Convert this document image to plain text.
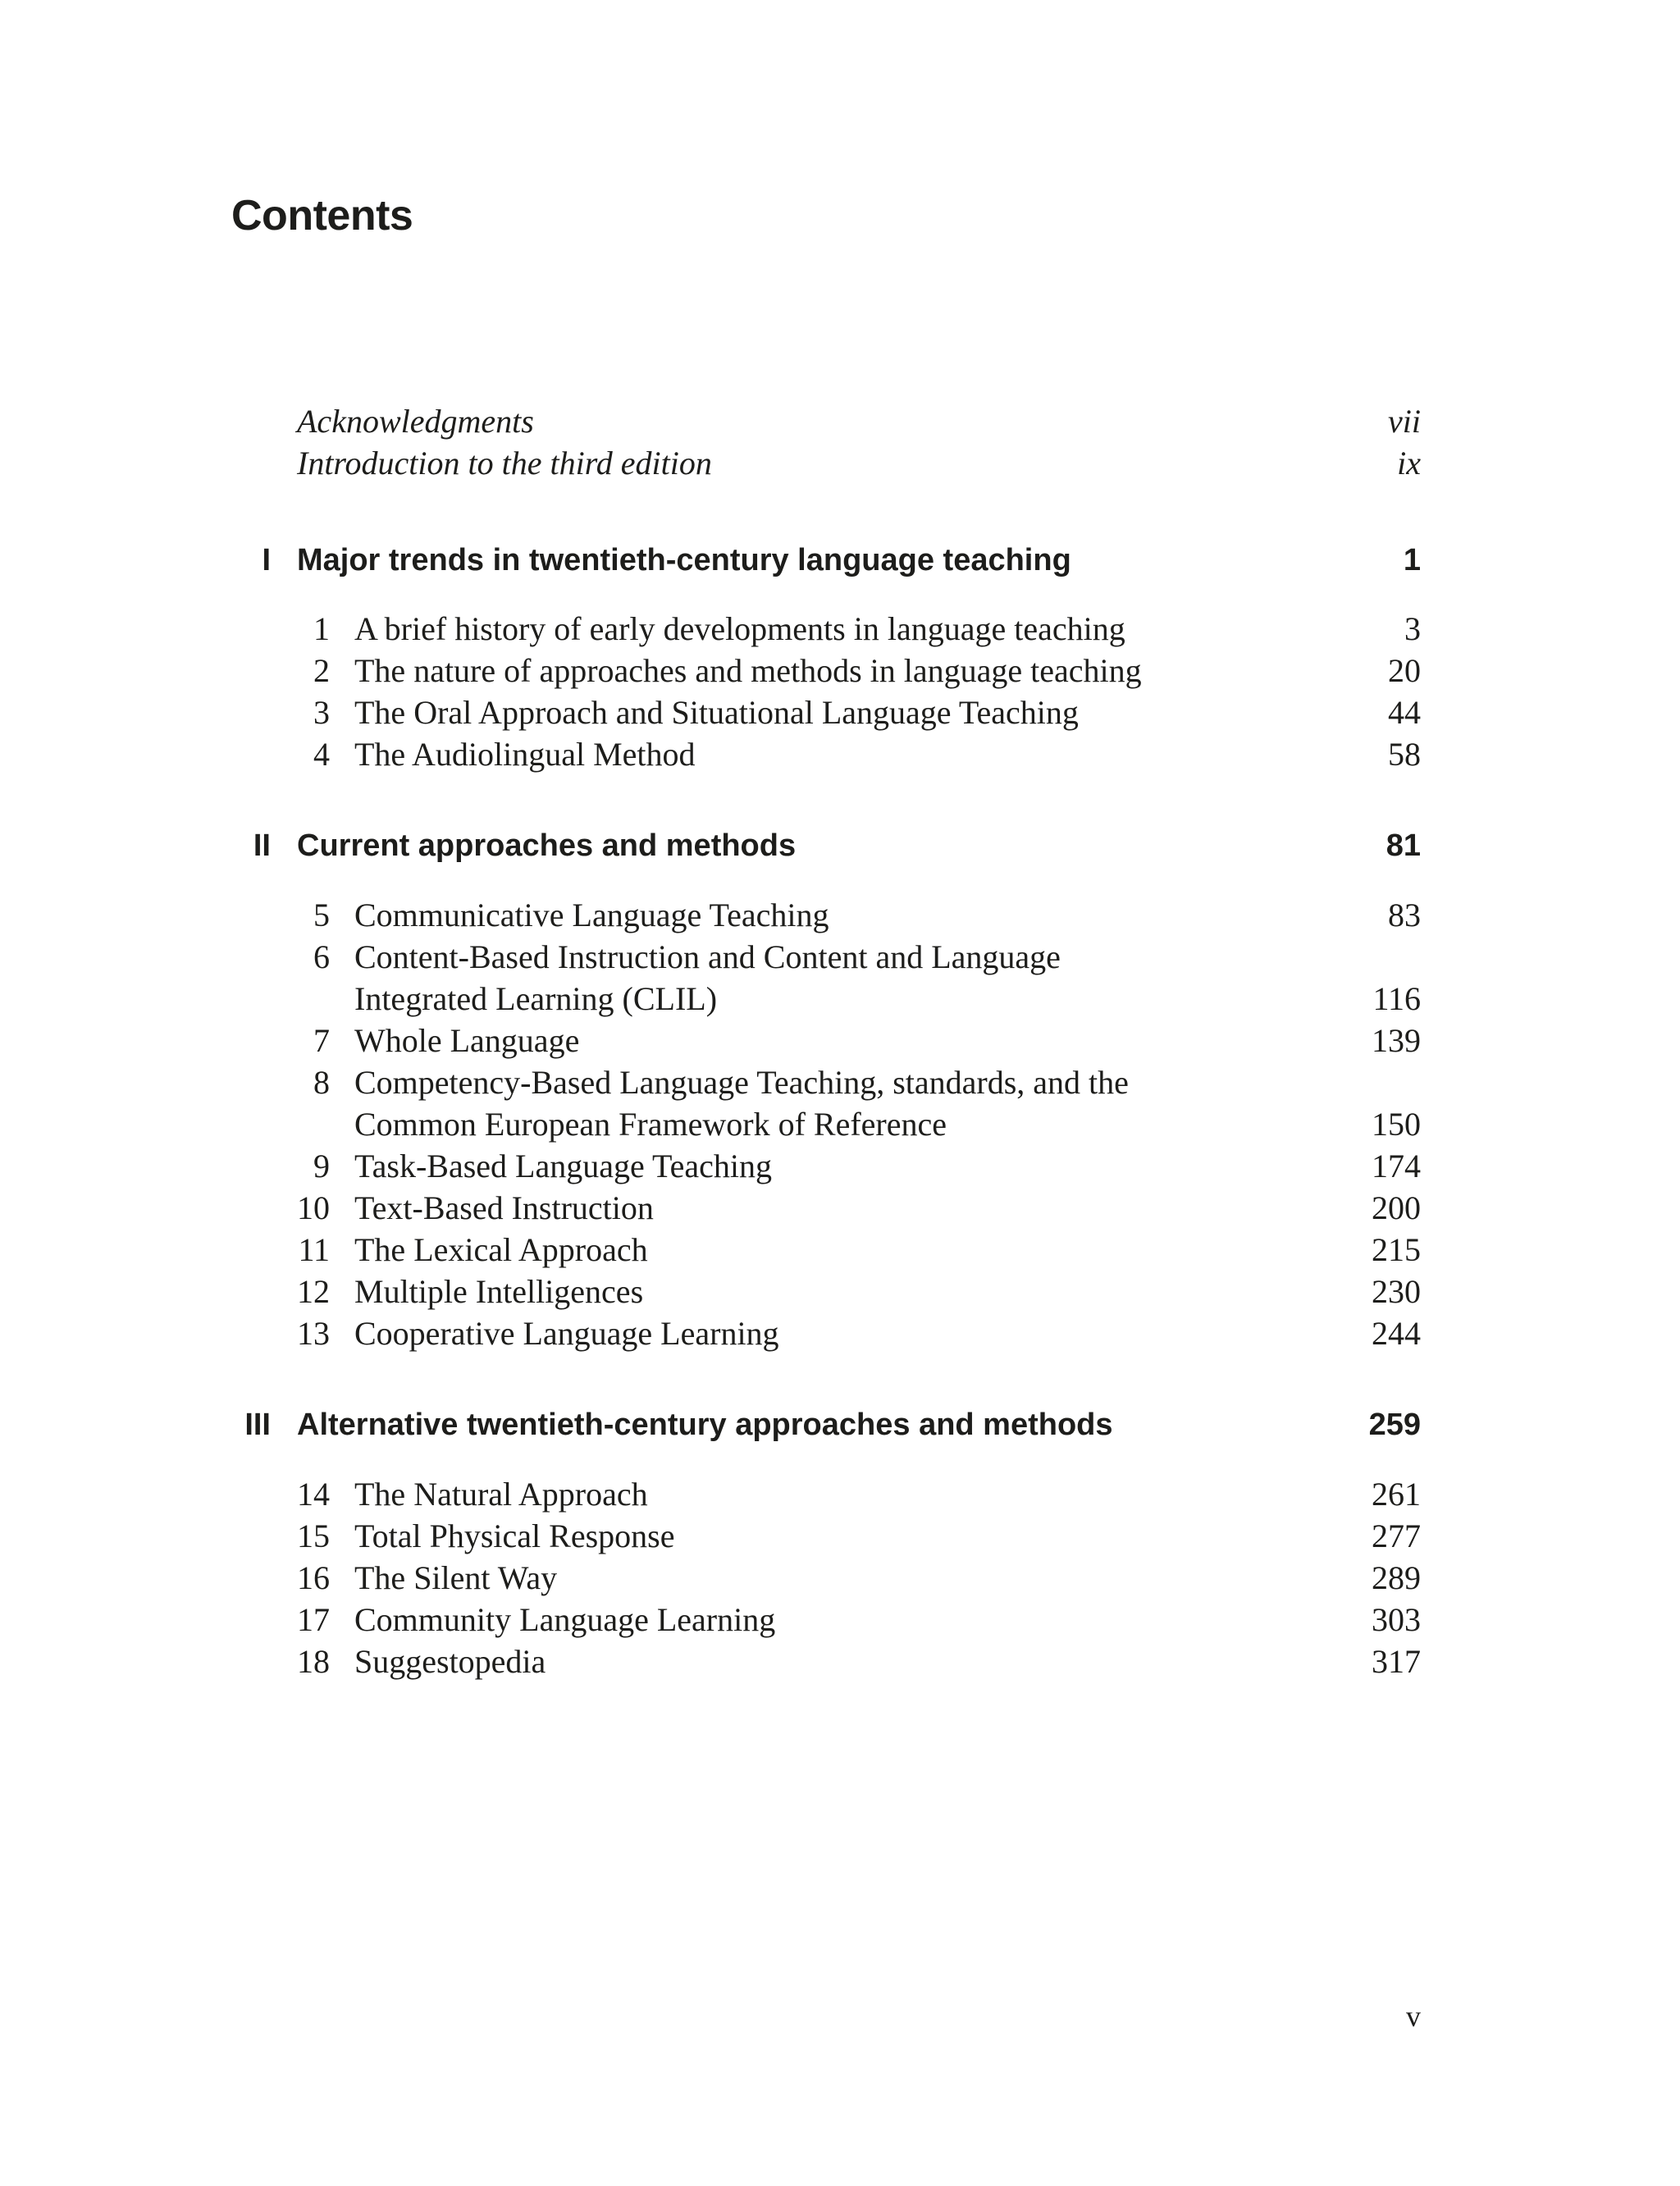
Contents
Acknowledgments	vii
Introduction to the third edition	ix
I Major trends in twentieth-century language teaching	1
1 A brief history of early developments in language teaching	3
2 The nature of approaches and methods in language teaching	20
3 The Oral Approach and Situational Language Teaching	44
4 The Audiolingual Method	58
II Current approaches and methods	81
5 Communicative Language Teaching	83
6 Content-Based Instruction and Content and Language
Integrated Learning (CLIL)	116
7 Whole Language	139
8 Competency-Based Language Teaching, standards, and the
Common European Framework of Reference	150
9 Task-Based Language Teaching	174
10 Text-Based Instruction	200
11 The Lexical Approach	215
12 Multiple Intelligences	230
13 Cooperative Language Learning	244
III Alternative twentieth-century approaches and methods	259
14 The Natural Approach	261
15 Total Physical Response	277
16 The Silent Way	289
17 Community Language Learning	303
18 Suggestopedia	317
v
